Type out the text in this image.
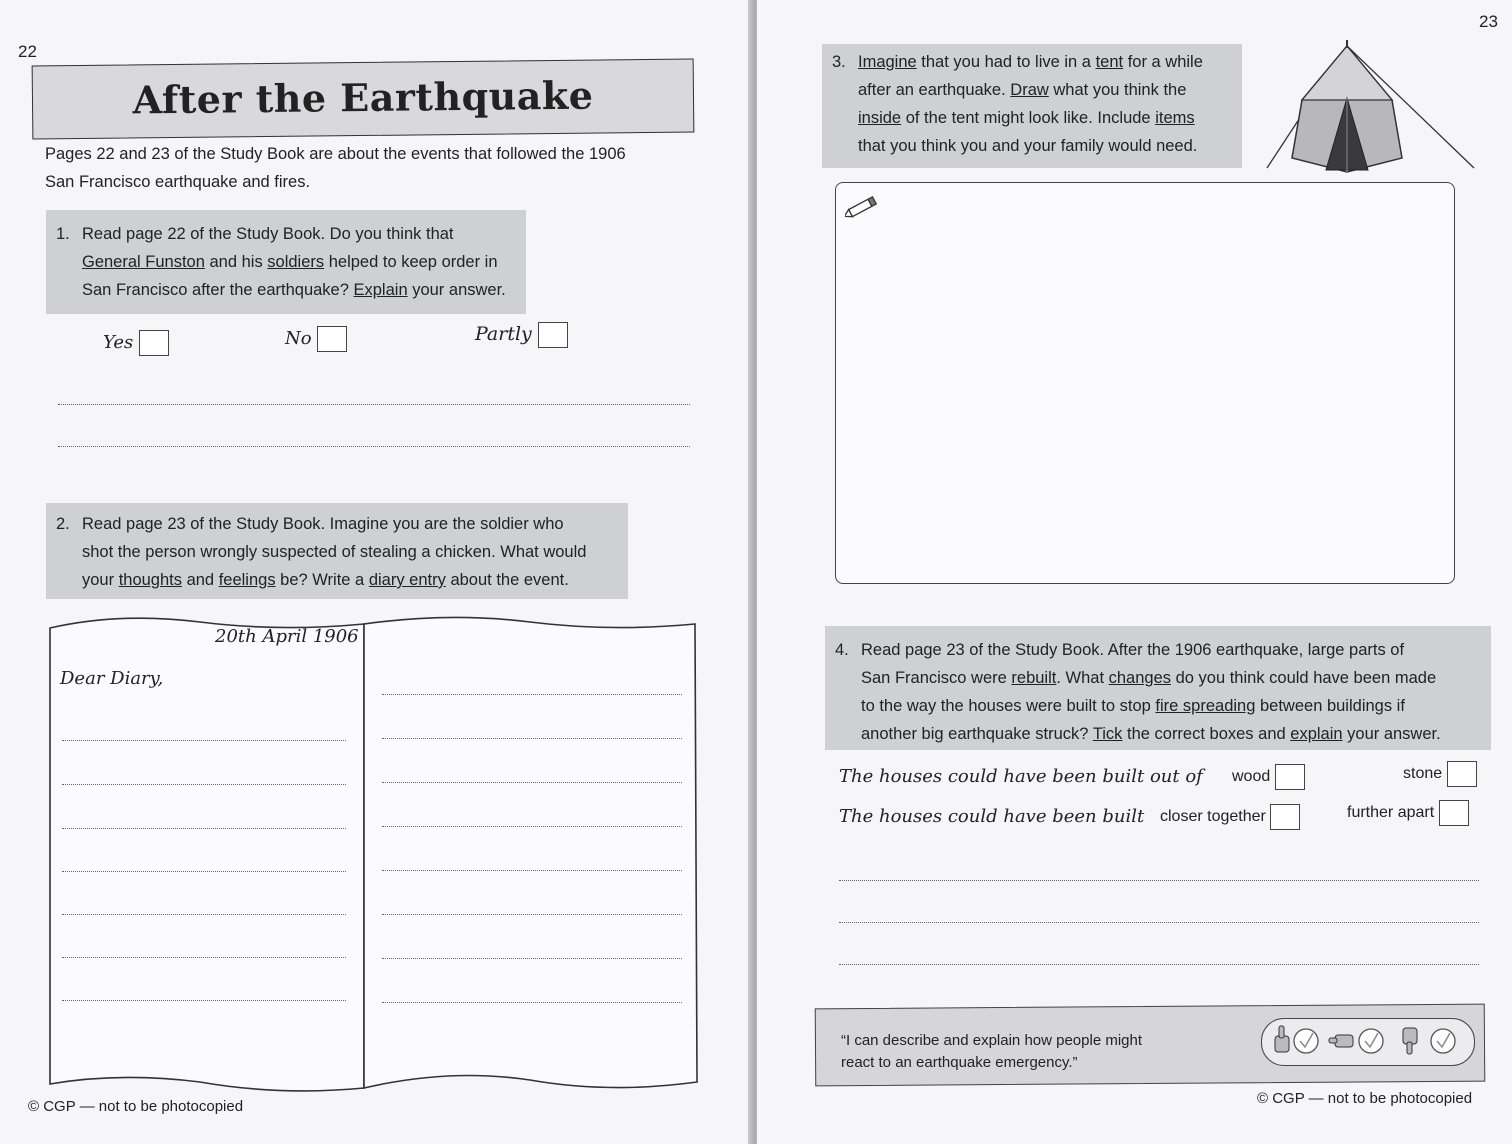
22
After the Earthquake
Pages 22 and 23 of the Study Book are about the events that followed the 1906
San Francisco earthquake and fires.
1. Read page 22 of the Study Book. Do you think that
General Funston and his soldiers helped to keep order in
San Francisco after the earthquake? Explain your answer.
Yes	No	Partly
2. Read page 23 of the Study Book. Imagine you are the soldier who
shot the person wrongly suspected of stealing a chicken. What would
your thoughts and feelings be? Write a diary entry about the event.
20th April 1906
Dear Diary,
© CGP — not to be photocopied
23
3. Imagine that you had to live in a tent for a while
after an earthquake. Draw what you think the
inside of the tent might look like. Include items
that you think you and your family would need.
4. Read page 23 of the Study Book. After the 1906 earthquake, large parts of
San Francisco were rebuilt. What changes do you think could have been made
to the way the houses were built to stop fire spreading between buildings if
another big earthquake struck? Tick the correct boxes and explain your answer.
The houses could have been built out of wood	stone
The houses could have been built closer together	further apart
“I can describe and explain how people might
react to an earthquake emergency.”
© CGP — not to be photocopied
